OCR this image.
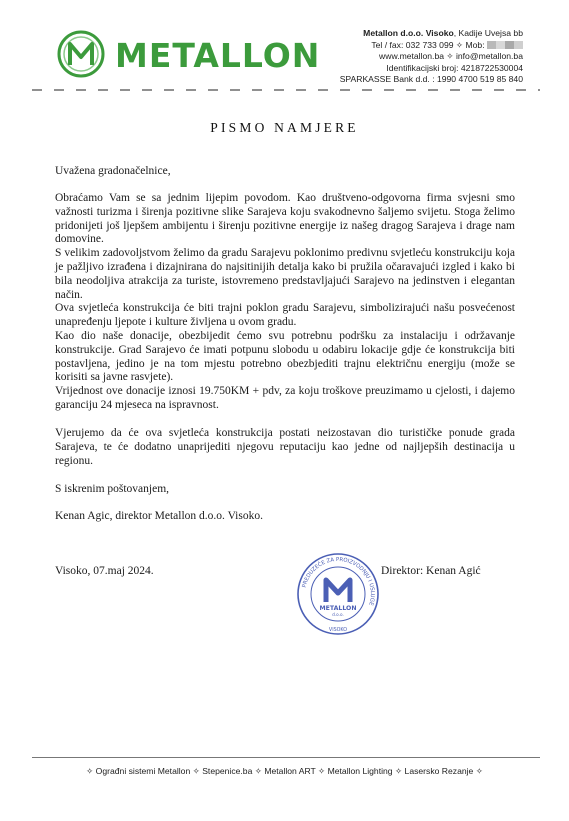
METALLON
Metallon d.o.o. Visoko, Kadije Uvejsa bb
Tel / fax: 032 733 099 ✧ Mob:
www.metallon.ba ✧ info@metallon.ba
Identifikacijski broj: 4218722530004
SPARKASSE Bank d.d. : 1990 4700 519 85 840
PISMO NAMJERE
Uvažena gradonačelnice,

Obraćamo Vam se sa jednim lijepim povodom. Kao društveno-odgovorna firma svjesni smo važnosti turizma i širenja pozitivne slike Sarajeva koju svakodnevno šaljemo svijetu. Stoga želimo pridonijeti još ljepšem ambijentu i širenju pozitivne energije iz našeg dragog Sarajeva i drage nam domovine.

S velikim zadovoljstvom želimo da gradu Sarajevu poklonimo predivnu svjetleću konstrukciju koja je pažljivo izrađena i dizajnirana do najsitinijih detalja kako bi pružila očaravajući izgled i kako bi bila neodoljiva atrakcija za turiste, istovremeno predstavljajući Sarajevo na jedinstven i elegantan način.

Ova svjetleća konstrukcija će biti trajni poklon gradu Sarajevu, simbolizirajući našu posvećenost unapređenju ljepote i kulture življena u ovom gradu.

Kao dio naše donacije, obezbijedit ćemo svu potrebnu podršku za instalaciju i održavanje konstrukcije. Grad Sarajevo će imati potpunu slobodu u odabiru lokacije gdje će konstrukcija biti postavljena, jedino je na tom mjestu potrebno obezbjediti trajnu električnu energiju (može se korisiti sa javne rasvjete).

Vrijednost ove donacije iznosi 19.750KM + pdv, za koju troškove preuzimamo u cjelosti, i dajemo garanciju 24 mjeseca na ispravnost.

Vjerujemo da će ova svjetleća konstrukcija postati neizostavan dio turističke ponude grada Sarajeva, te će dodatno unaprijediti njegovu reputaciju kao jedne od najljepših destinacija u regionu.

S iskrenim poštovanjem,
Kenan Agic, direktor Metallon d.o.o. Visoko.
Visoko, 07.maj 2024.
PREDUZEĆE ZA PROIZVODNJU I USLUGE
METALLON
d.o.o.
VISOKO
Direktor: Kenan Agić
✧ Ograđni sistemi Metallon ✧ Stepenice.ba ✧ Metallon ART ✧ Metallon Lighting ✧ Lasersko Rezanje ✧
